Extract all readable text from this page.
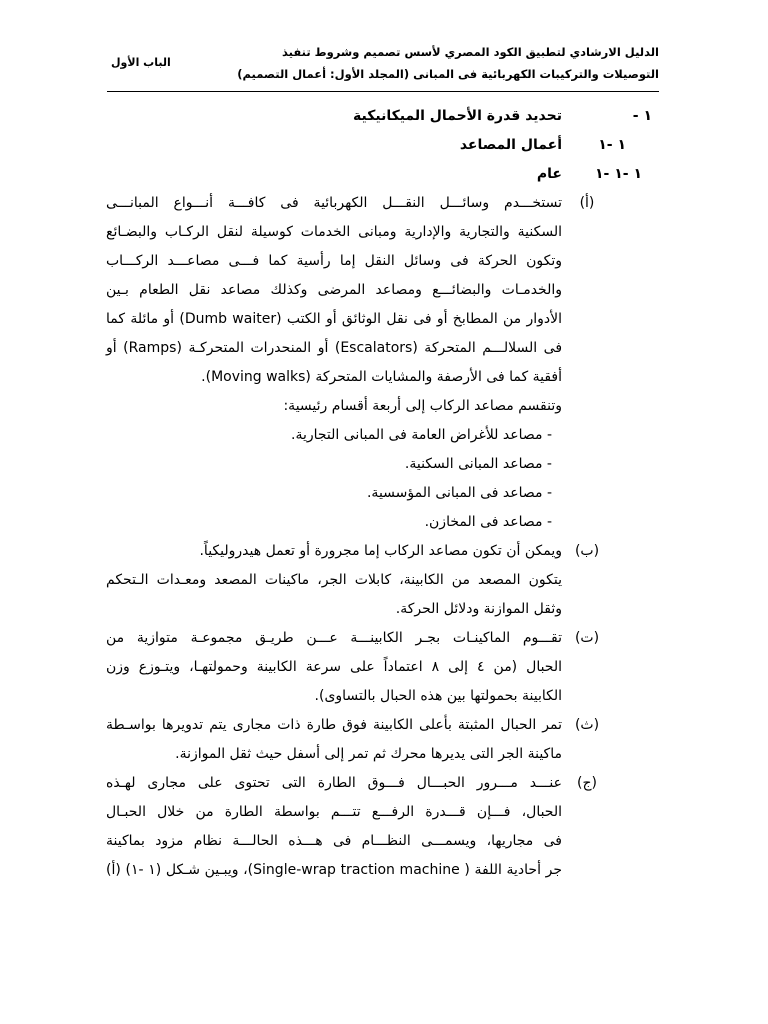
الدليل الارشادي لتطبيق الكود المصري لأسس تصميم وشروط تنفيذ
التوصيلات والتركيبات الكهربائية فى المبانى (المجلد الأول: أعمال التصميم)
الباب الأول
١ -
تحديد قدرة الأحمال الميكانيكية
١ -١
أعمال المصاعد
١ -١ -١
عام
(أ)
تستخـــدم وسائـــل النقـــل الكهربائية فى كافـــة أنـــواع المبانـــى
السكنية والتجارية والإدارية ومبانى الخدمات كوسيلة لنقل الركـاب والبضـائع
وتكون الحركة فى وسائل النقل إما رأسية كما فـــى مصاعـــد الركـــاب
والخدمـات والبضائـــع ومصاعد المرضى وكذلك مصاعد نقل الطعام بـين
الأدوار من المطابخ أو فى نقل الوثائق أو الكتب (Dumb waiter) أو مائلة كما
فى السلالـــم المتحركة (Escalators) أو المنحدرات المتحركـة (Ramps) أو
أفقية كما فى الأرصفة والمشايات المتحركة (Moving walks).
وتنقسم مصاعد الركاب إلى أربعة أقسام رئيسية:
- مصاعد للأغراض العامة فى المبانى التجارية.
- مصاعد المبانى السكنية.
- مصاعد فى المبانى المؤسسية.
- مصاعد فى المخازن.
(ب)
ويمكن أن تكون مصاعد الركاب إما مجرورة أو تعمل هيدروليكياً.
يتكون المصعد من الكابينة، كابلات الجر، ماكينات المصعد ومعـدات الـتحكم
وثقل الموازنة ودلائل الحركة.
(ت)
تقـــوم الماكينـات بجـر الكابينـــة عـــن طريـق مجموعـة متوازية من
الحبال (من ٤ إلى ٨ اعتماداً على سرعة الكابينة وحمولتهـا، ويتـوزع وزن
الكابينة بحمولتها بين هذه الحبال بالتساوى).
(ث)
تمر الحبال المثبتة بأعلى الكابينة فوق طارة ذات مجارى يتم تدويرها بواسـطة
ماكينة الجر التى يديرها محرك ثم تمر إلى أسفل حيث ثقل الموازنة.
(ج)
عنـــد مـــرور الحبـــال فـــوق الطارة التى تحتوى على مجارى لهـذه
الحبال، فـــإن قـــدرة الرفـــع تتـــم بواسطة الطارة من خلال الحبـال
فى مجاريها، ويسمـــى النظـــام فى هـــذه الحالـــة نظام مزود بماكينة
جر أحادية اللفة ( Single-wrap traction machine)، ويبـين شـكل (١ -١) (أ)
